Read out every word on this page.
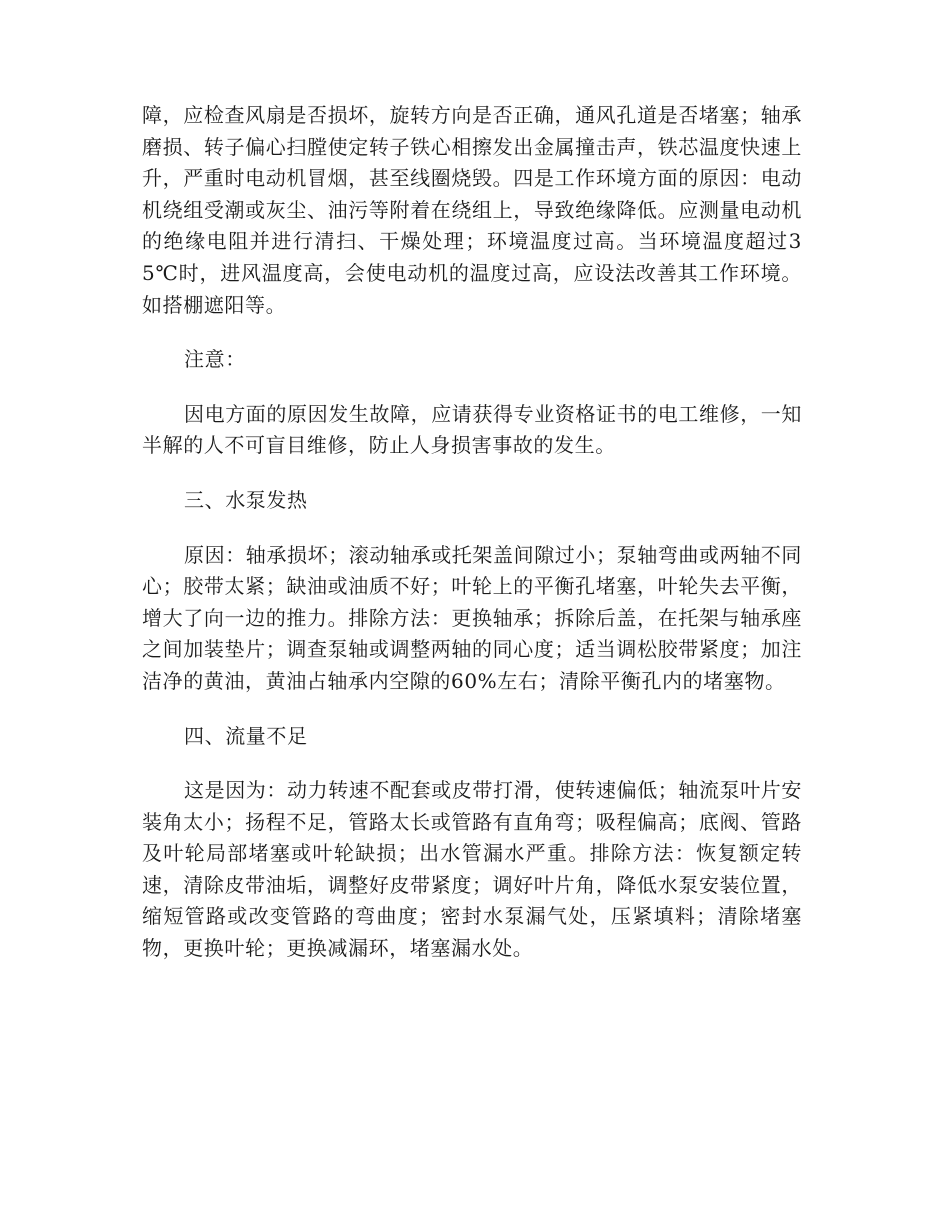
障，应检查风扇是否损坏，旋转方向是否正确，通风孔道是否堵塞；轴承磨损、转子偏心扫膛使定转子铁心相擦发出金属撞击声，铁芯温度快速上升，严重时电动机冒烟，甚至线圈烧毁。四是工作环境方面的原因：电动机绕组受潮或灰尘、油污等附着在绕组上，导致绝缘降低。应测量电动机的绝缘电阻并进行清扫、干燥处理；环境温度过高。当环境温度超过35℃时，进风温度高，会使电动机的温度过高，应设法改善其工作环境。如搭棚遮阳等。

注意：

因电方面的原因发生故障，应请获得专业资格证书的电工维修，一知半解的人不可盲目维修，防止人身损害事故的发生。

三、水泵发热

原因：轴承损坏；滚动轴承或托架盖间隙过小；泵轴弯曲或两轴不同心；胶带太紧；缺油或油质不好；叶轮上的平衡孔堵塞，叶轮失去平衡，增大了向一边的推力。排除方法：更换轴承；拆除后盖，在托架与轴承座之间加装垫片；调查泵轴或调整两轴的同心度；适当调松胶带紧度；加注洁净的黄油，黄油占轴承内空隙的60%左右；清除平衡孔内的堵塞物。

四、流量不足

这是因为：动力转速不配套或皮带打滑，使转速偏低；轴流泵叶片安装角太小；扬程不足，管路太长或管路有直角弯；吸程偏高；底阀、管路及叶轮局部堵塞或叶轮缺损；出水管漏水严重。排除方法：恢复额定转速，清除皮带油垢，调整好皮带紧度；调好叶片角，降低水泵安装位置，缩短管路或改变管路的弯曲度；密封水泵漏气处，压紧填料；清除堵塞物，更换叶轮；更换减漏环，堵塞漏水处。
